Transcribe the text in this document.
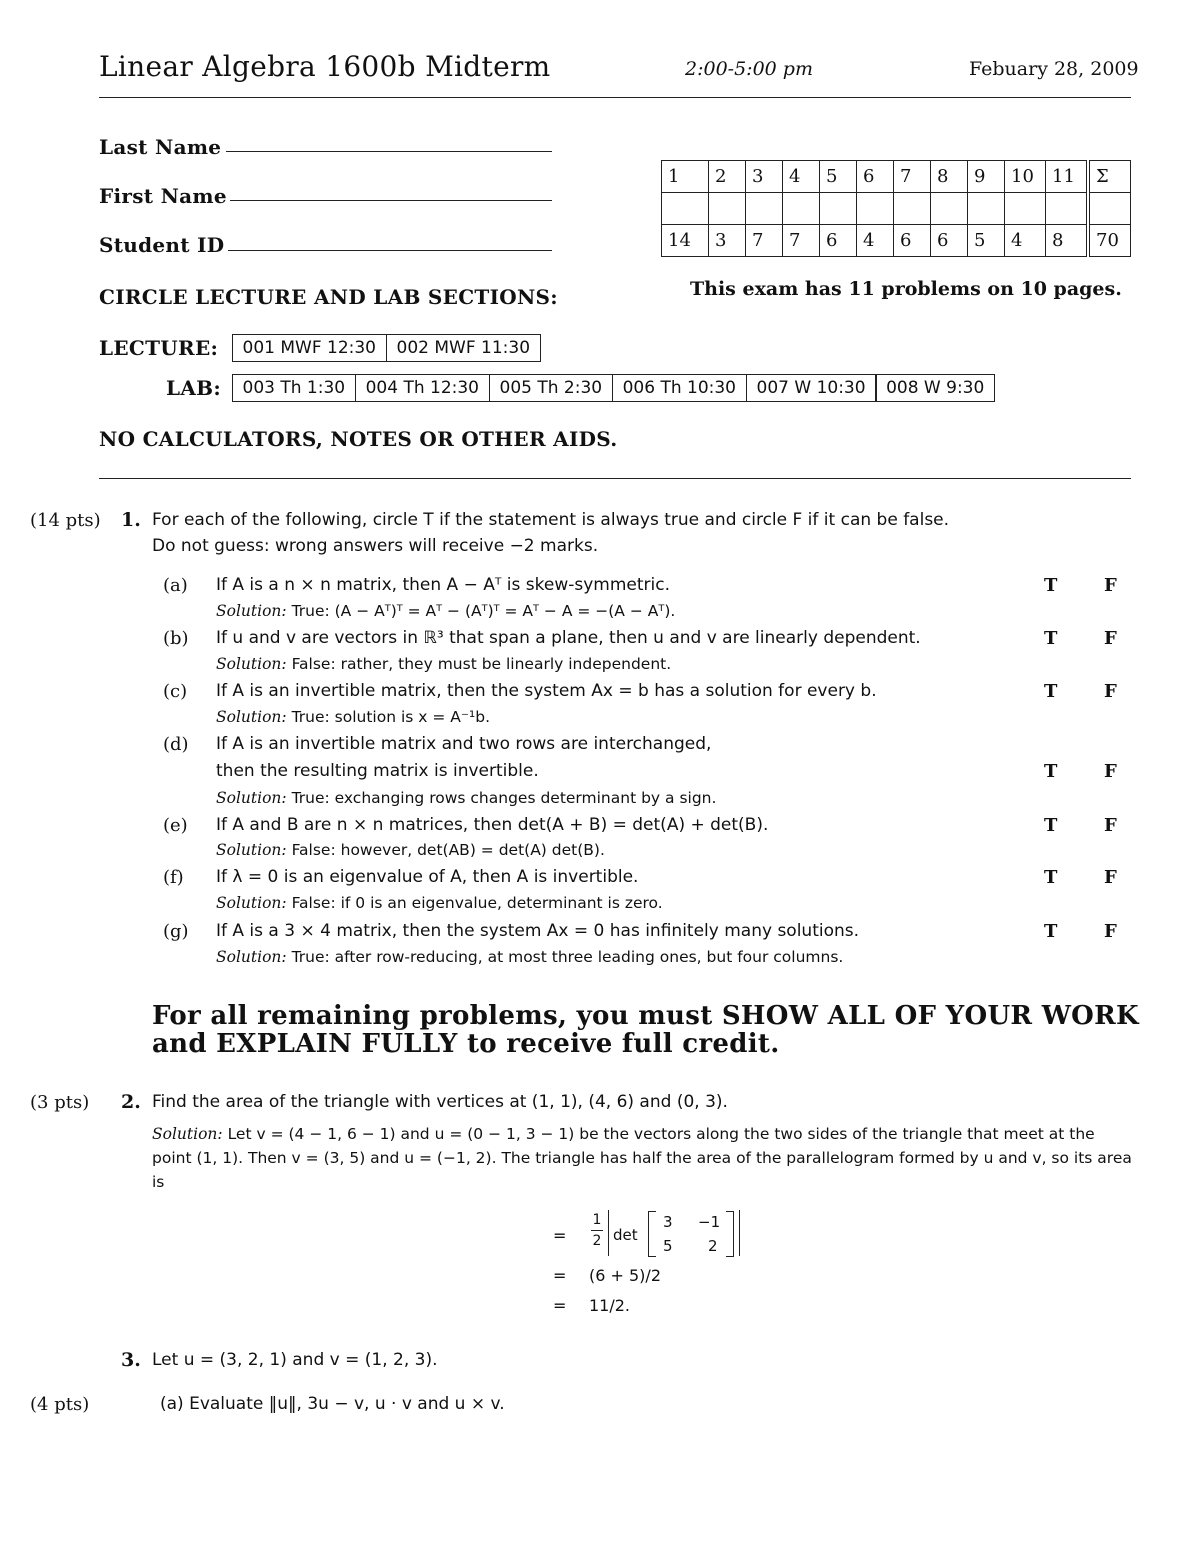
Linear Algebra 1600b Midterm	2:00-5:00 pm	Febuary 28, 2009
Last Name
First Name
Student ID
1	2	3	4	5	6	7	8	9	10	11	Σ

14	3	7	7	6	4	6	6	5	4	8	70
This exam has 11 problems on 10 pages.
CIRCLE LECTURE AND LAB SECTIONS:
LECTURE:	001 MWF 12:30	002 MWF 11:30
LAB:	003 Th 1:30	004 Th 12:30	005 Th 2:30	006 Th 10:30	007 W 10:30	008 W 9:30
NO CALCULATORS, NOTES OR OTHER AIDS.
(14 pts) 1. For each of the following, circle T if the statement is always true and circle F if it can be false.
Do not guess: wrong answers will receive −2 marks.
(a) If A is a n × n matrix, then A − Aᵀ is skew-symmetric.	T	F
Solution: True: (A − Aᵀ)ᵀ = Aᵀ − (Aᵀ)ᵀ = Aᵀ − A = −(A − Aᵀ).
(b) If u and v are vectors in ℝ³ that span a plane, then u and v are linearly dependent.	T	F
Solution: False: rather, they must be linearly independent.
(c) If A is an invertible matrix, then the system Ax = b has a solution for every b.	T	F
Solution: True: solution is x = A⁻¹b.
(d) If A is an invertible matrix and two rows are interchanged,
then the resulting matrix is invertible.	T	F
Solution: True: exchanging rows changes determinant by a sign.
(e) If A and B are n × n matrices, then det(A + B) = det(A) + det(B).	T	F
Solution: False: however, det(AB) = det(A) det(B).
(f) If λ = 0 is an eigenvalue of A, then A is invertible.	T	F
Solution: False: if 0 is an eigenvalue, determinant is zero.
(g) If A is a 3 × 4 matrix, then the system Ax = 0 has infinitely many solutions.	T	F
Solution: True: after row-reducing, at most three leading ones, but four columns.
For all remaining problems, you must SHOW ALL OF YOUR WORK
and EXPLAIN FULLY to receive full credit.
(3 pts) 2. Find the area of the triangle with vertices at (1, 1), (4, 6) and (0, 3).
Solution: Let v = (4 − 1, 6 − 1) and u = (0 − 1, 3 − 1) be the vectors along the two sides of the triangle that meet at the point (1, 1). Then v = (3, 5) and u = (−1, 2). The triangle has half the area of the parallelogram formed by u and v, so its area is
=
1
2 det
3 −1
5 2
= (6 + 5)/2
= 11/2.
3. Let u = (3, 2, 1) and v = (1, 2, 3).
(4 pts)	(a) Evaluate ‖u‖, 3u − v, u · v and u × v.
